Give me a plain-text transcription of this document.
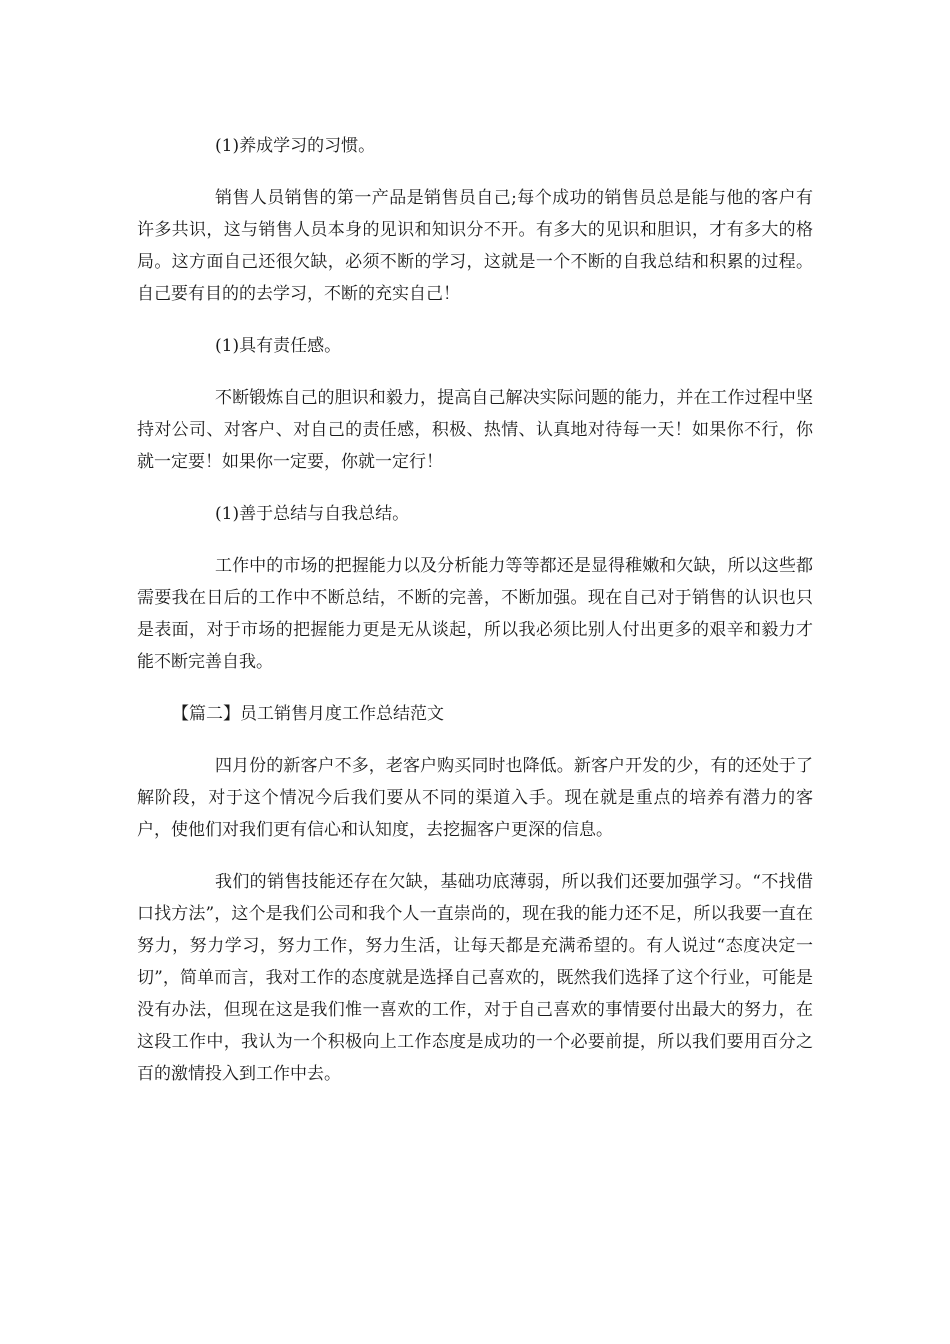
(1)养成学习的习惯。

销售人员销售的第一产品是销售员自己;每个成功的销售员总是能与他的客户有许多共识，这与销售人员本身的见识和知识分不开。有多大的见识和胆识，才有多大的格局。这方面自己还很欠缺，必须不断的学习，这就是一个不断的自我总结和积累的过程。自己要有目的的去学习，不断的充实自己！

(1)具有责任感。

不断锻炼自己的胆识和毅力，提高自己解决实际问题的能力，并在工作过程中坚持对公司、对客户、对自己的责任感，积极、热情、认真地对待每一天！如果你不行，你就一定要！如果你一定要，你就一定行！

(1)善于总结与自我总结。

工作中的市场的把握能力以及分析能力等等都还是显得稚嫩和欠缺，所以这些都需要我在日后的工作中不断总结，不断的完善，不断加强。现在自己对于销售的认识也只是表面，对于市场的把握能力更是无从谈起，所以我必须比别人付出更多的艰辛和毅力才能不断完善自我。

【篇二】员工销售月度工作总结范文

四月份的新客户不多，老客户购买同时也降低。新客户开发的少，有的还处于了解阶段，对于这个情况今后我们要从不同的渠道入手。现在就是重点的培养有潜力的客户，使他们对我们更有信心和认知度，去挖掘客户更深的信息。

我们的销售技能还存在欠缺，基础功底薄弱，所以我们还要加强学习。“不找借口找方法”，这个是我们公司和我个人一直崇尚的，现在我的能力还不足，所以我要一直在努力，努力学习，努力工作，努力生活，让每天都是充满希望的。有人说过“态度决定一切”，简单而言，我对工作的态度就是选择自己喜欢的，既然我们选择了这个行业，可能是没有办法，但现在这是我们惟一喜欢的工作，对于自己喜欢的事情要付出最大的努力，在这段工作中，我认为一个积极向上工作态度是成功的一个必要前提，所以我们要用百分之百的激情投入到工作中去。
